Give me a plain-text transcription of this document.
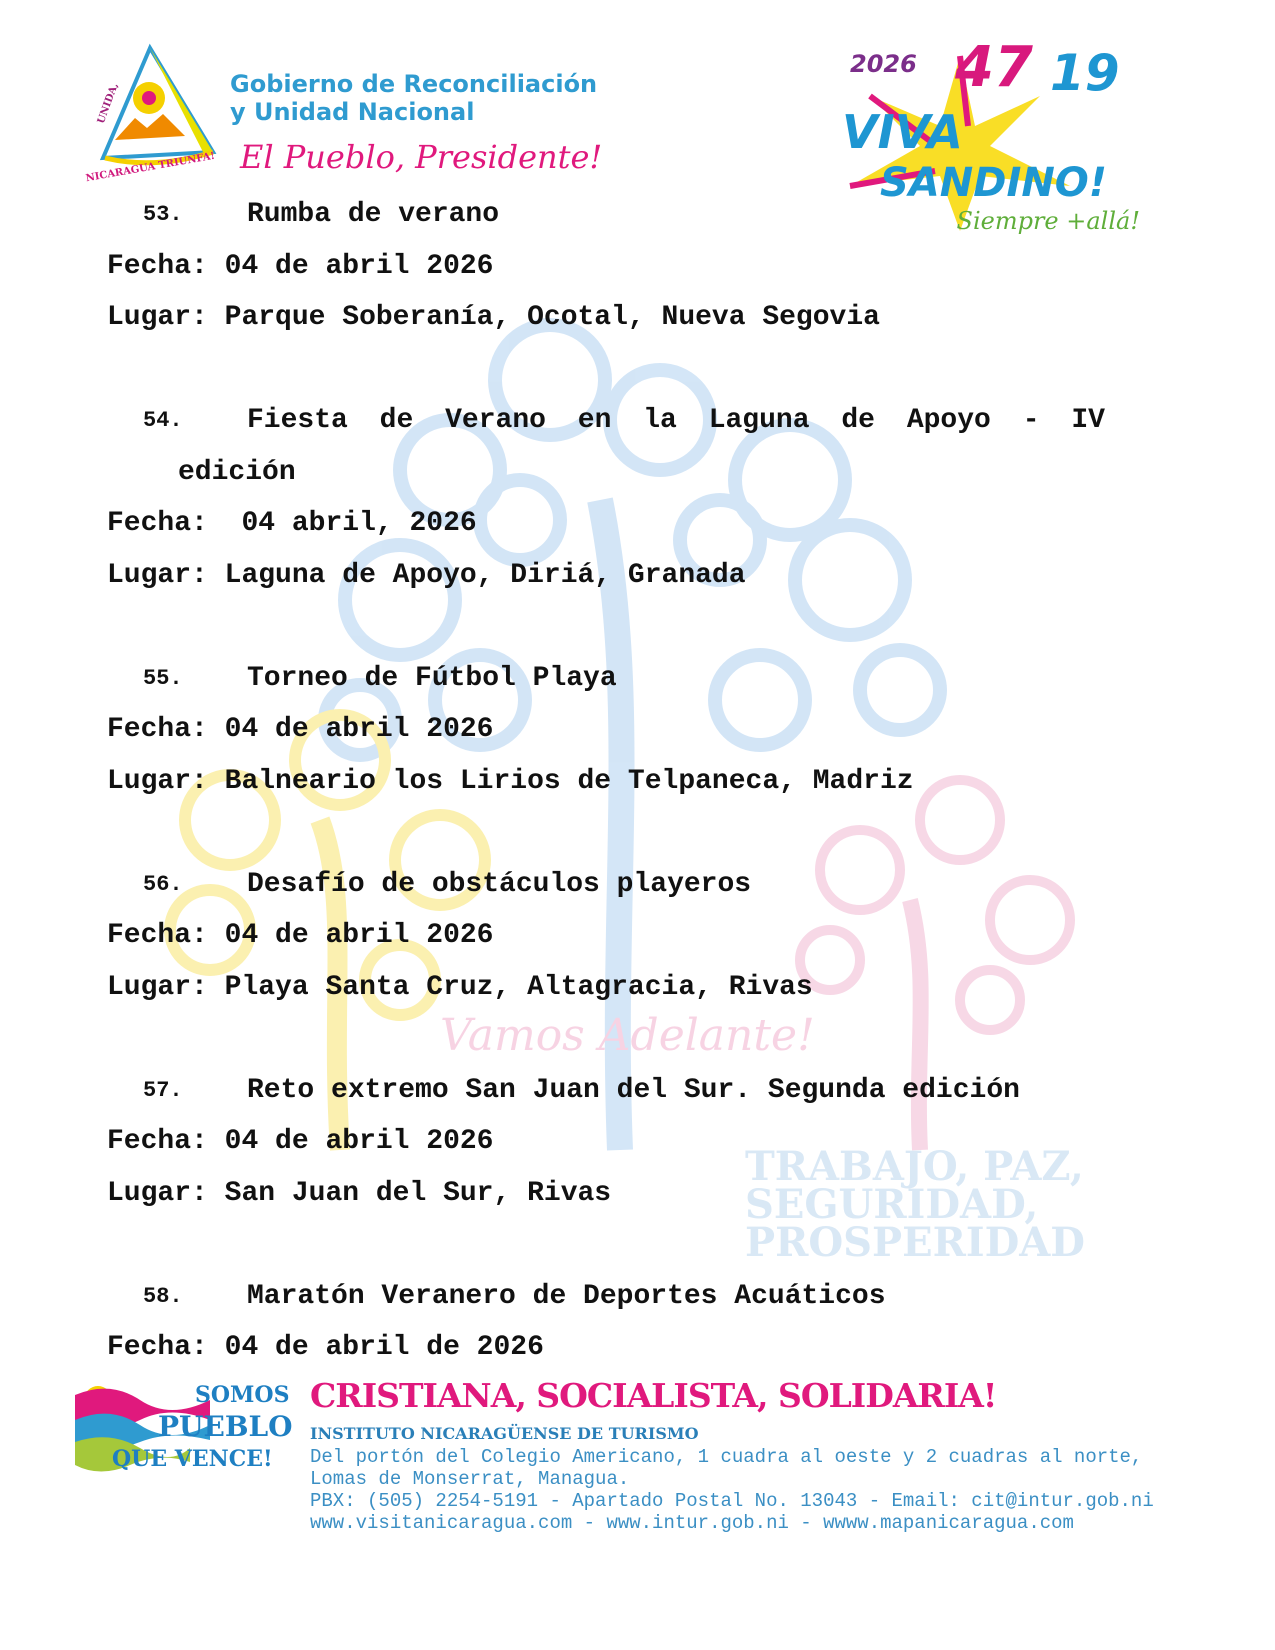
Vamos Adelante!
TRABAJO, PAZ,
SEGURIDAD,
PROSPERIDAD
UNIDA,
NICARAGUA TRIUNFA!
Gobierno de Reconciliación
y Unidad Nacional
El Pueblo, Presidente!
2026 47 19
VIVA
SANDINO!
Siempre +allá!
53.	Rumba de verano
Fecha: 04 de abril 2026
Lugar: Parque Soberanía, Ocotal, Nueva Segovia
54.	Fiesta de Verano en la Laguna de Apoyo - IV
edición
Fecha:  04 abril, 2026
Lugar: Laguna de Apoyo, Diriá, Granada
55.	Torneo de Fútbol Playa
Fecha: 04 de abril 2026
Lugar: Balneario los Lirios de Telpaneca, Madriz
56.	Desafío de obstáculos playeros
Fecha: 04 de abril 2026
Lugar: Playa Santa Cruz, Altagracia, Rivas
57.	Reto extremo San Juan del Sur. Segunda edición
Fecha: 04 de abril 2026
Lugar: San Juan del Sur, Rivas
58.	Maratón Veranero de Deportes Acuáticos
Fecha: 04 de abril de 2026
SOMOS
PUEBLO
QUE VENCE!
CRISTIANA, SOCIALISTA, SOLIDARIA!
INSTITUTO NICARAGÜENSE DE TURISMO
Del portón del Colegio Americano, 1 cuadra al oeste y 2 cuadras al norte,
Lomas de Monserrat, Managua.
PBX: (505) 2254-5191 - Apartado Postal No. 13043 - Email: cit@intur.gob.ni
www.visitanicaragua.com - www.intur.gob.ni - wwww.mapanicaragua.com
